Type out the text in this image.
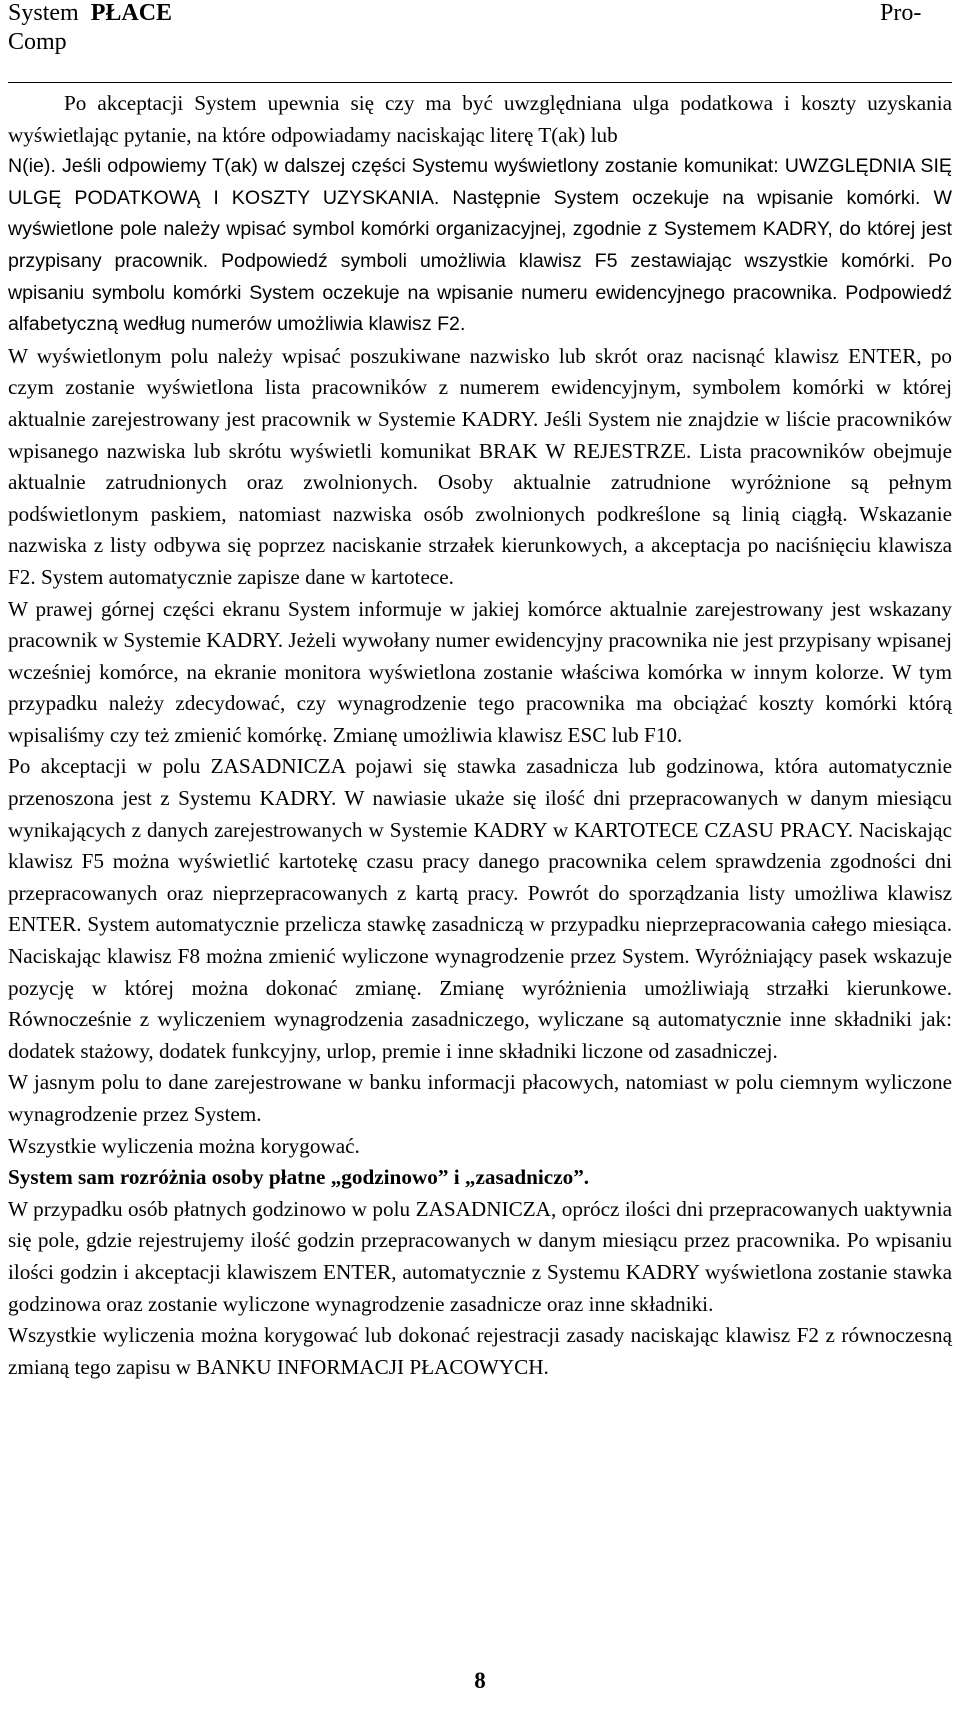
System PŁACE
Comp
Pro-

Po akceptacji System upewnia się czy ma być uwzględniana ulga podatkowa i koszty uzyskania wyświetlając pytanie, na które odpowiadamy naciskając literę T(ak) lub

N(ie). Jeśli odpowiemy T(ak) w dalszej części Systemu wyświetlony zostanie komunikat: UWZGLĘDNIA SIĘ ULGĘ PODATKOWĄ I KOSZTY UZYSKANIA. Następnie System oczekuje na wpisanie komórki. W wyświetlone pole należy wpisać symbol komórki organizacyjnej, zgodnie z Systemem KADRY, do której jest przypisany pracownik. Podpowiedź symboli umożliwia klawisz F5 zestawiając wszystkie komórki. Po wpisaniu symbolu komórki System oczekuje na wpisanie numeru ewidencyjnego pracownika. Podpowiedź alfabetyczną według numerów umożliwia klawisz F2.

W wyświetlonym polu należy wpisać poszukiwane nazwisko lub skrót oraz nacisnąć klawisz ENTER, po czym zostanie wyświetlona lista pracowników z numerem ewidencyjnym, symbolem komórki w której aktualnie zarejestrowany jest pracownik w Systemie KADRY. Jeśli System nie znajdzie w liście pracowników wpisanego nazwiska lub skrótu wyświetli komunikat BRAK W REJESTRZE. Lista pracowników obejmuje aktualnie zatrudnionych oraz zwolnionych. Osoby aktualnie zatrudnione wyróżnione są pełnym podświetlonym paskiem, natomiast nazwiska osób zwolnionych podkreślone są linią ciągłą. Wskazanie nazwiska z listy odbywa się poprzez naciskanie strzałek kierunkowych, a akceptacja po naciśnięciu klawisza F2. System automatycznie zapisze dane w kartotece.

W prawej górnej części ekranu System informuje w jakiej komórce aktualnie zarejestrowany jest wskazany pracownik w Systemie KADRY. Jeżeli wywołany numer ewidencyjny pracownika nie jest przypisany wpisanej wcześniej komórce, na ekranie monitora wyświetlona zostanie właściwa komórka w innym kolorze. W tym przypadku należy zdecydować, czy wynagrodzenie tego pracownika ma obciążać koszty komórki którą wpisaliśmy czy też zmienić komórkę. Zmianę umożliwia klawisz ESC lub F10.

Po akceptacji w polu ZASADNICZA pojawi się stawka zasadnicza lub godzinowa, która automatycznie przenoszona jest z Systemu KADRY. W nawiasie ukaże się ilość dni przepracowanych w danym miesiącu wynikających z danych zarejestrowanych w Systemie KADRY w KARTOTECE CZASU PRACY. Naciskając klawisz F5 można wyświetlić kartotekę czasu pracy danego pracownika celem sprawdzenia zgodności dni przepracowanych oraz nieprzepracowanych z kartą pracy. Powrót do sporządzania listy umożliwa klawisz ENTER. System automatycznie przelicza stawkę zasadniczą w przypadku nieprzepracowania całego miesiąca. Naciskając klawisz F8 można zmienić wyliczone wynagrodzenie przez System. Wyróżniający pasek wskazuje pozycję w której można dokonać zmianę. Zmianę wyróżnienia umożliwiają strzałki kierunkowe. Równocześnie z wyliczeniem wynagrodzenia zasadniczego, wyliczane są automatycznie inne składniki jak: dodatek stażowy, dodatek funkcyjny, urlop, premie i inne składniki liczone od zasadniczej.

W jasnym polu to dane zarejestrowane w banku informacji płacowych, natomiast w polu ciemnym wyliczone wynagrodzenie przez System.

Wszystkie wyliczenia można korygować.

System sam rozróżnia osoby płatne „godzinowo” i „zasadniczo”.

W przypadku osób płatnych godzinowo w polu ZASADNICZA, oprócz ilości dni przepracowanych uaktywnia się pole, gdzie rejestrujemy ilość godzin przepracowanych w danym miesiącu przez pracownika. Po wpisaniu ilości godzin i akceptacji klawiszem ENTER, automatycznie z Systemu KADRY wyświetlona zostanie stawka godzinowa oraz zostanie wyliczone wynagrodzenie zasadnicze oraz inne składniki.

Wszystkie wyliczenia można korygować lub dokonać rejestracji zasady naciskając klawisz F2 z równoczesną zmianą tego zapisu w BANKU INFORMACJI PŁACOWYCH.

8
